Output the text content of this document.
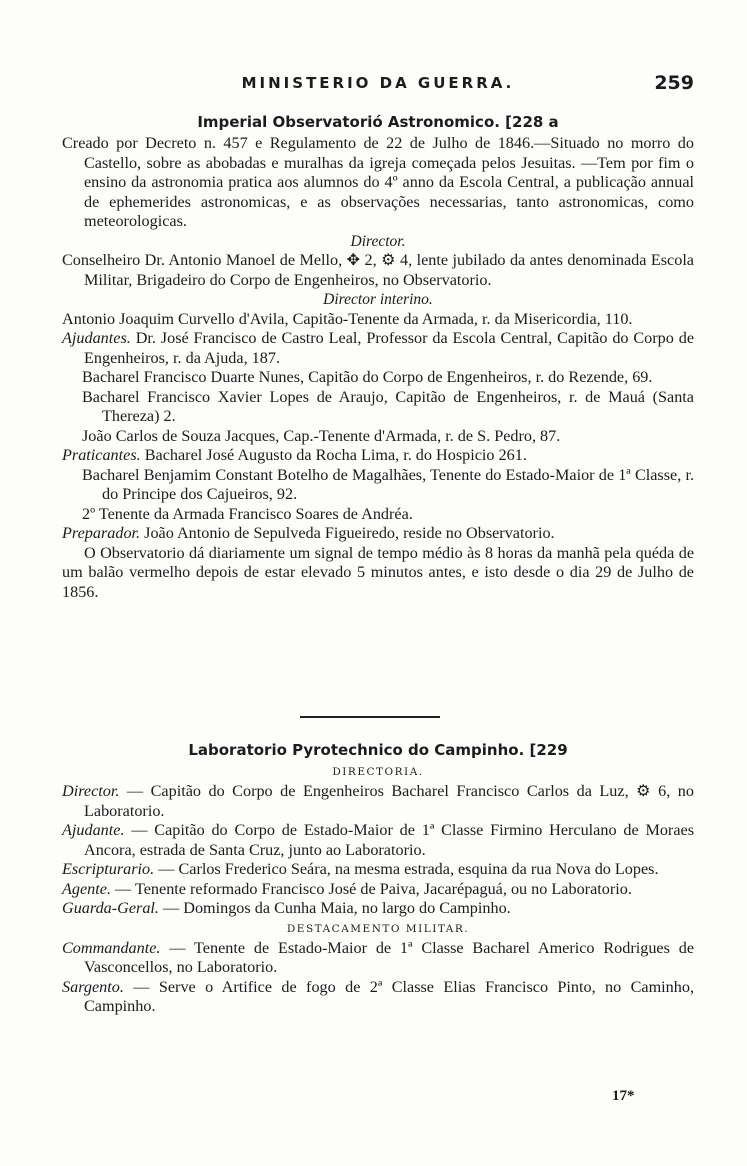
MINISTERIO DA GUERRA.	259
Imperial Observatorió Astronomico. [228 a

Creado por Decreto n. 457 e Regulamento de 22 de Julho de 1846.—Situado no morro do Castello, sobre as abobadas e muralhas da igreja começada pelos Jesuitas. —Tem por fim o ensino da astronomia pratica aos alumnos do 4º anno da Escola Central, a publicação annual de ephemerides astronomicas, e as observações necessarias, tanto astronomicas, como meteorologicas.

Director.

Conselheiro Dr. Antonio Manoel de Mello, ✥ 2, ⚙ 4, lente jubilado da antes denominada Escola Militar, Brigadeiro do Corpo de Engenheiros, no Observatorio.

Director interino.

Antonio Joaquim Curvello d'Avila, Capitão-Tenente da Armada, r. da Misericordia, 110.

Ajudantes. Dr. José Francisco de Castro Leal, Professor da Escola Central, Capitão do Corpo de Engenheiros, r. da Ajuda, 187.

Bacharel Francisco Duarte Nunes, Capitão do Corpo de Engenheiros, r. do Rezende, 69.

Bacharel Francisco Xavier Lopes de Araujo, Capitão de Engenheiros, r. de Mauá (Santa Thereza) 2.

João Carlos de Souza Jacques, Cap.-Tenente d'Armada, r. de S. Pedro, 87.

Praticantes. Bacharel José Augusto da Rocha Lima, r. do Hospicio 261.

Bacharel Benjamim Constant Botelho de Magalhães, Tenente do Estado-Maior de 1ª Classe, r. do Principe dos Cajueiros, 92.

2º Tenente da Armada Francisco Soares de Andréa.

Preparador. João Antonio de Sepulveda Figueiredo, reside no Observatorio.

O Observatorio dá diariamente um signal de tempo médio às 8 horas da manhã pela quéda de um balão vermelho depois de estar elevado 5 minutos antes, e isto desde o dia 29 de Julho de 1856.

Laboratorio Pyrotechnico do Campinho. [229
DIRECTORIA.

Director. — Capitão do Corpo de Engenheiros Bacharel Francisco Carlos da Luz, ⚙ 6, no Laboratorio.

Ajudante. — Capitão do Corpo de Estado-Maior de 1ª Classe Firmino Herculano de Moraes Ancora, estrada de Santa Cruz, junto ao Laboratorio.

Escripturario. — Carlos Frederico Seára, na mesma estrada, esquina da rua Nova do Lopes.

Agente. — Tenente reformado Francisco José de Paiva, Jacarépaguá, ou no Laboratorio.

Guarda-Geral. — Domingos da Cunha Maia, no largo do Campinho.

DESTACAMENTO MILITAR.

Commandante. — Tenente de Estado-Maior de 1ª Classe Bacharel Americo Rodrigues de Vasconcellos, no Laboratorio.

Sargento. — Serve o Artifice de fogo de 2ª Classe Elias Francisco Pinto, no Caminho, Campinho.

17*
